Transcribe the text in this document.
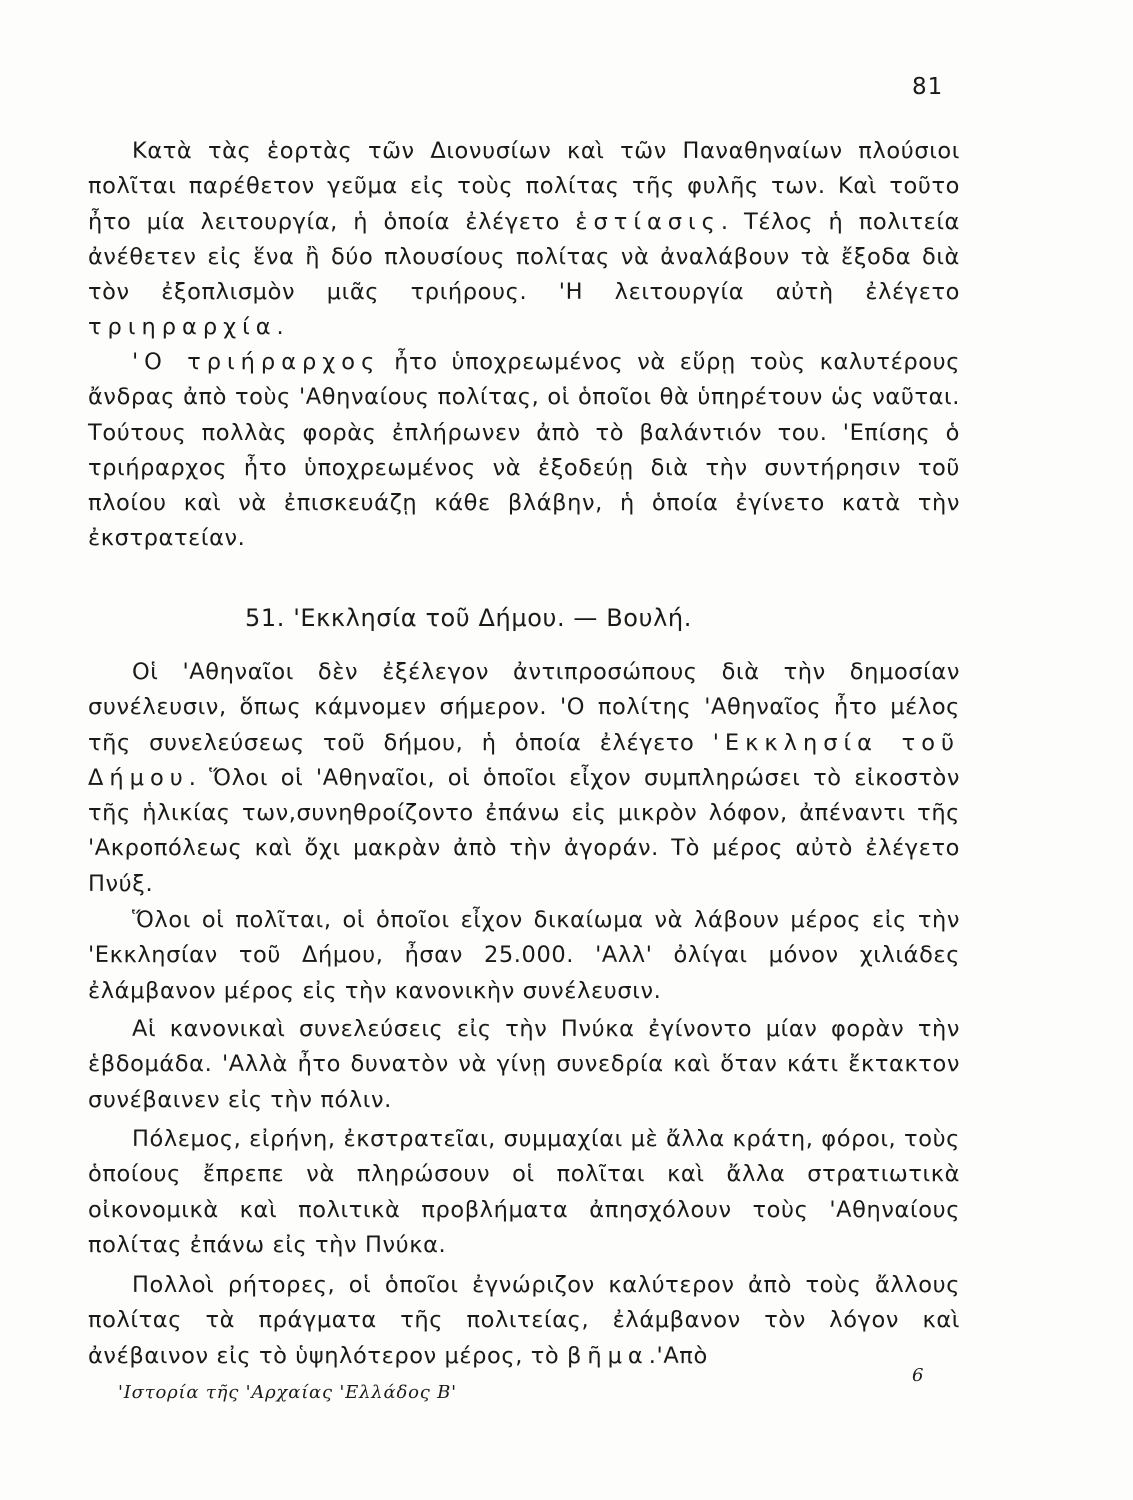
81

Κατὰ τὰς ἑορτὰς τῶν Διονυσίων καὶ τῶν Παναθηναίων πλούσιοι πολῖται παρέθετον γεῦμα εἰς τοὺς πολίτας τῆς φυλῆς των. Καὶ τοῦτο ἦτο μία λειτουργία, ἡ ὁποία ἐλέγετο ἑστίασις. Τέλος ἡ πολιτεία ἀνέθετεν εἰς ἕνα ἢ δύο πλουσίους πολίτας νὰ ἀναλάβουν τὰ ἔξοδα διὰ τὸν ἐξοπλισμὸν μιᾶς τριήρους. 'Η λειτουργία αὐτὴ ἐλέγετο τριηραρχία.

'Ο τριήραρχος ἦτο ὑποχρεωμένος νὰ εὕρῃ τοὺς καλυτέρους ἄνδρας ἀπὸ τοὺς 'Αθηναίους πολίτας, οἱ ὁποῖοι θὰ ὑπηρέτουν ὡς ναῦται. Τούτους πολλὰς φορὰς ἐπλήρωνεν ἀπὸ τὸ βαλάντιόν του. 'Επίσης ὁ τριήραρχος ἦτο ὑποχρεωμένος νὰ ἐξοδεύῃ διὰ τὴν συντήρησιν τοῦ πλοίου καὶ νὰ ἐπισκευάζῃ κάθε βλάβην, ἡ ὁποία ἐγίνετο κατὰ τὴν ἐκστρατείαν.

51. 'Εκκλησία τοῦ Δήμου. — Βουλή.

Οἱ 'Αθηναῖοι δὲν ἐξέλεγον ἀντιπροσώπους διὰ τὴν δημοσίαν συνέλευσιν, ὅπως κάμνομεν σήμερον. 'Ο πολίτης 'Αθηναῖος ἦτο μέλος τῆς συνελεύσεως τοῦ δήμου, ἡ ὁποία ἐλέγετο 'Εκκλησία τοῦ Δήμου. Ὅλοι οἱ 'Αθηναῖοι, οἱ ὁποῖοι εἶχον συμπληρώσει τὸ εἰκοστὸν τῆς ἡλικίας των,συνηθροίζοντο ἐπάνω εἰς μικρὸν λόφον, ἀπέναντι τῆς 'Ακροπόλεως καὶ ὄχι μακρὰν ἀπὸ τὴν ἀγοράν. Τὸ μέρος αὐτὸ ἐλέγετο Πνύξ.

Ὅλοι οἱ πολῖται, οἱ ὁποῖοι εἶχον δικαίωμα νὰ λάβουν μέρος εἰς τὴν 'Εκκλησίαν τοῦ Δήμου, ἦσαν 25.000. 'Αλλ' ὀλίγαι μόνον χιλιάδες ἐλάμβανον μέρος εἰς τὴν κανονικὴν συνέλευσιν.

Αἱ κανονικαὶ συνελεύσεις εἰς τὴν Πνύκα ἐγίνοντο μίαν φορὰν τὴν ἑβδομάδα. 'Αλλὰ ἦτο δυνατὸν νὰ γίνῃ συνεδρία καὶ ὅταν κάτι ἔκτακτον συνέβαινεν εἰς τὴν πόλιν.

Πόλεμος, εἰρήνη, ἐκστρατεῖαι, συμμαχίαι μὲ ἄλλα κράτη, φόροι, τοὺς ὁποίους ἔπρεπε νὰ πληρώσουν οἱ πολῖται καὶ ἄλλα στρατιωτικὰ οἰκονομικὰ καὶ πολιτικὰ προβλήματα ἀπησχόλουν τοὺς 'Αθηναίους πολίτας ἐπάνω εἰς τὴν Πνύκα.

Πολλοὶ ρήτορες, οἱ ὁποῖοι ἐγνώριζον καλύτερον ἀπὸ τοὺς ἄλλους πολίτας τὰ πράγματα τῆς πολιτείας, ἐλάμβανον τὸν λόγον καὶ ἀνέβαινον εἰς τὸ ὑψηλότερον μέρος, τὸ βῆμα.'Απὸ

6
'Ιστορία τῆς 'Αρχαίας 'Ελλάδος Β'
